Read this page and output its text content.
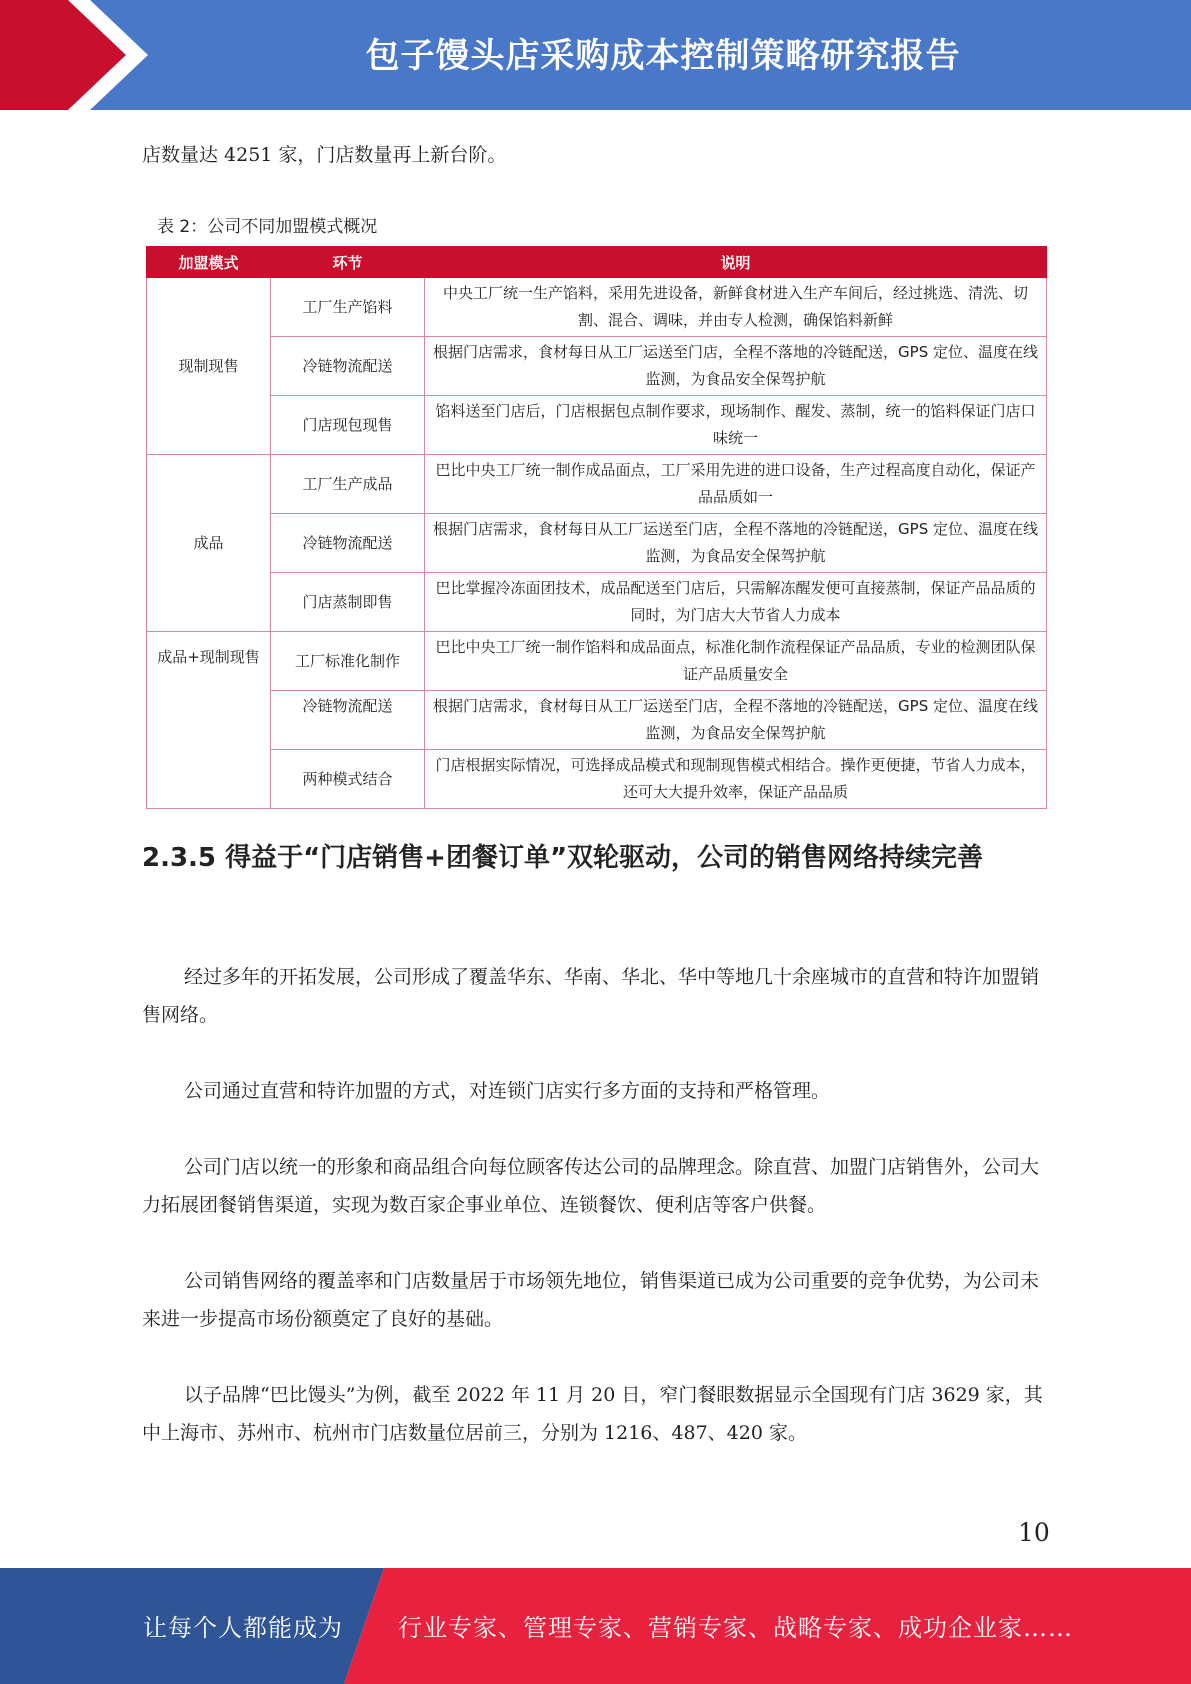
包子馒头店采购成本控制策略研究报告
店数量达 4251 家，门店数量再上新台阶。
表 2：公司不同加盟模式概况
加盟模式	环节	说明
现制现售	工厂生产馅料	中央工厂统一生产馅料，采用先进设备，新鲜食材进入生产车间后，经过挑选、清洗、切割、混合、调味，并由专人检测，确保馅料新鲜
	冷链物流配送	根据门店需求，食材每日从工厂运送至门店，全程不落地的冷链配送，GPS 定位、温度在线监测，为食品安全保驾护航
	门店现包现售	馅料送至门店后，门店根据包点制作要求，现场制作、醒发、蒸制，统一的馅料保证门店口味统一
成品	工厂生产成品	巴比中央工厂统一制作成品面点，工厂采用先进的进口设备，生产过程高度自动化，保证产品品质如一
	冷链物流配送	根据门店需求，食材每日从工厂运送至门店，全程不落地的冷链配送，GPS 定位、温度在线监测，为食品安全保驾护航
	门店蒸制即售	巴比掌握冷冻面团技术，成品配送至门店后，只需解冻醒发便可直接蒸制，保证产品品质的同时，为门店大大节省人力成本
成品+现制现售	工厂标准化制作	巴比中央工厂统一制作馅料和成品面点，标准化制作流程保证产品品质，专业的检测团队保证产品质量安全
	冷链物流配送	根据门店需求，食材每日从工厂运送至门店，全程不落地的冷链配送，GPS 定位、温度在线监测，为食品安全保驾护航
	两种模式结合	门店根据实际情况，可选择成品模式和现制现售模式相结合。操作更便捷，节省人力成本，还可大大提升效率，保证产品品质
2.3.5 得益于“门店销售+团餐订单”双轮驱动，公司的销售网络持续完善
经过多年的开拓发展，公司形成了覆盖华东、华南、华北、华中等地几十余座城市的直营和特许加盟销售网络。
公司通过直营和特许加盟的方式，对连锁门店实行多方面的支持和严格管理。
公司门店以统一的形象和商品组合向每位顾客传达公司的品牌理念。除直营、加盟门店销售外，公司大力拓展团餐销售渠道，实现为数百家企事业单位、连锁餐饮、便利店等客户供餐。
公司销售网络的覆盖率和门店数量居于市场领先地位，销售渠道已成为公司重要的竞争优势，为公司未来进一步提高市场份额奠定了良好的基础。
以子品牌“巴比馒头”为例，截至 2022 年 11 月 20 日，窄门餐眼数据显示全国现有门店 3629 家，其中上海市、苏州市、杭州市门店数量位居前三，分别为 1216、487、420 家。
10
让每个人都能成为 行业专家、管理专家、营销专家、战略专家、成功企业家……
